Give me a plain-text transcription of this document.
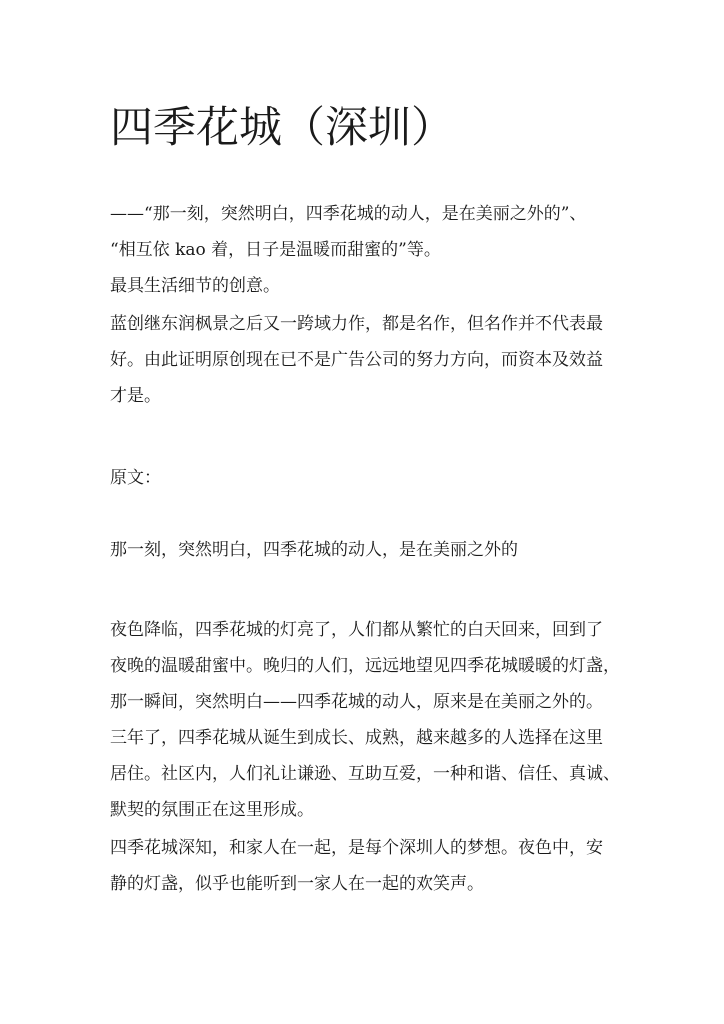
四季花城（深圳）
——“那一刻，突然明白，四季花城的动人，是在美丽之外的”、
“相互依 kao 着，日子是温暖而甜蜜的”等。
最具生活细节的创意。
蓝创继东润枫景之后又一跨域力作，都是名作，但名作并不代表最
好。由此证明原创现在已不是广告公司的努力方向，而资本及效益
才是。
原文：
那一刻，突然明白，四季花城的动人，是在美丽之外的
夜色降临，四季花城的灯亮了，人们都从繁忙的白天回来，回到了
夜晚的温暖甜蜜中。晚归的人们，远远地望见四季花城暖暖的灯盏，
那一瞬间，突然明白——四季花城的动人，原来是在美丽之外的。
三年了，四季花城从诞生到成长、成熟，越来越多的人选择在这里
居住。社区内，人们礼让谦逊、互助互爱，一种和谐、信任、真诚、
默契的氛围正在这里形成。
四季花城深知，和家人在一起，是每个深圳人的梦想。夜色中，安
静的灯盏，似乎也能听到一家人在一起的欢笑声。
